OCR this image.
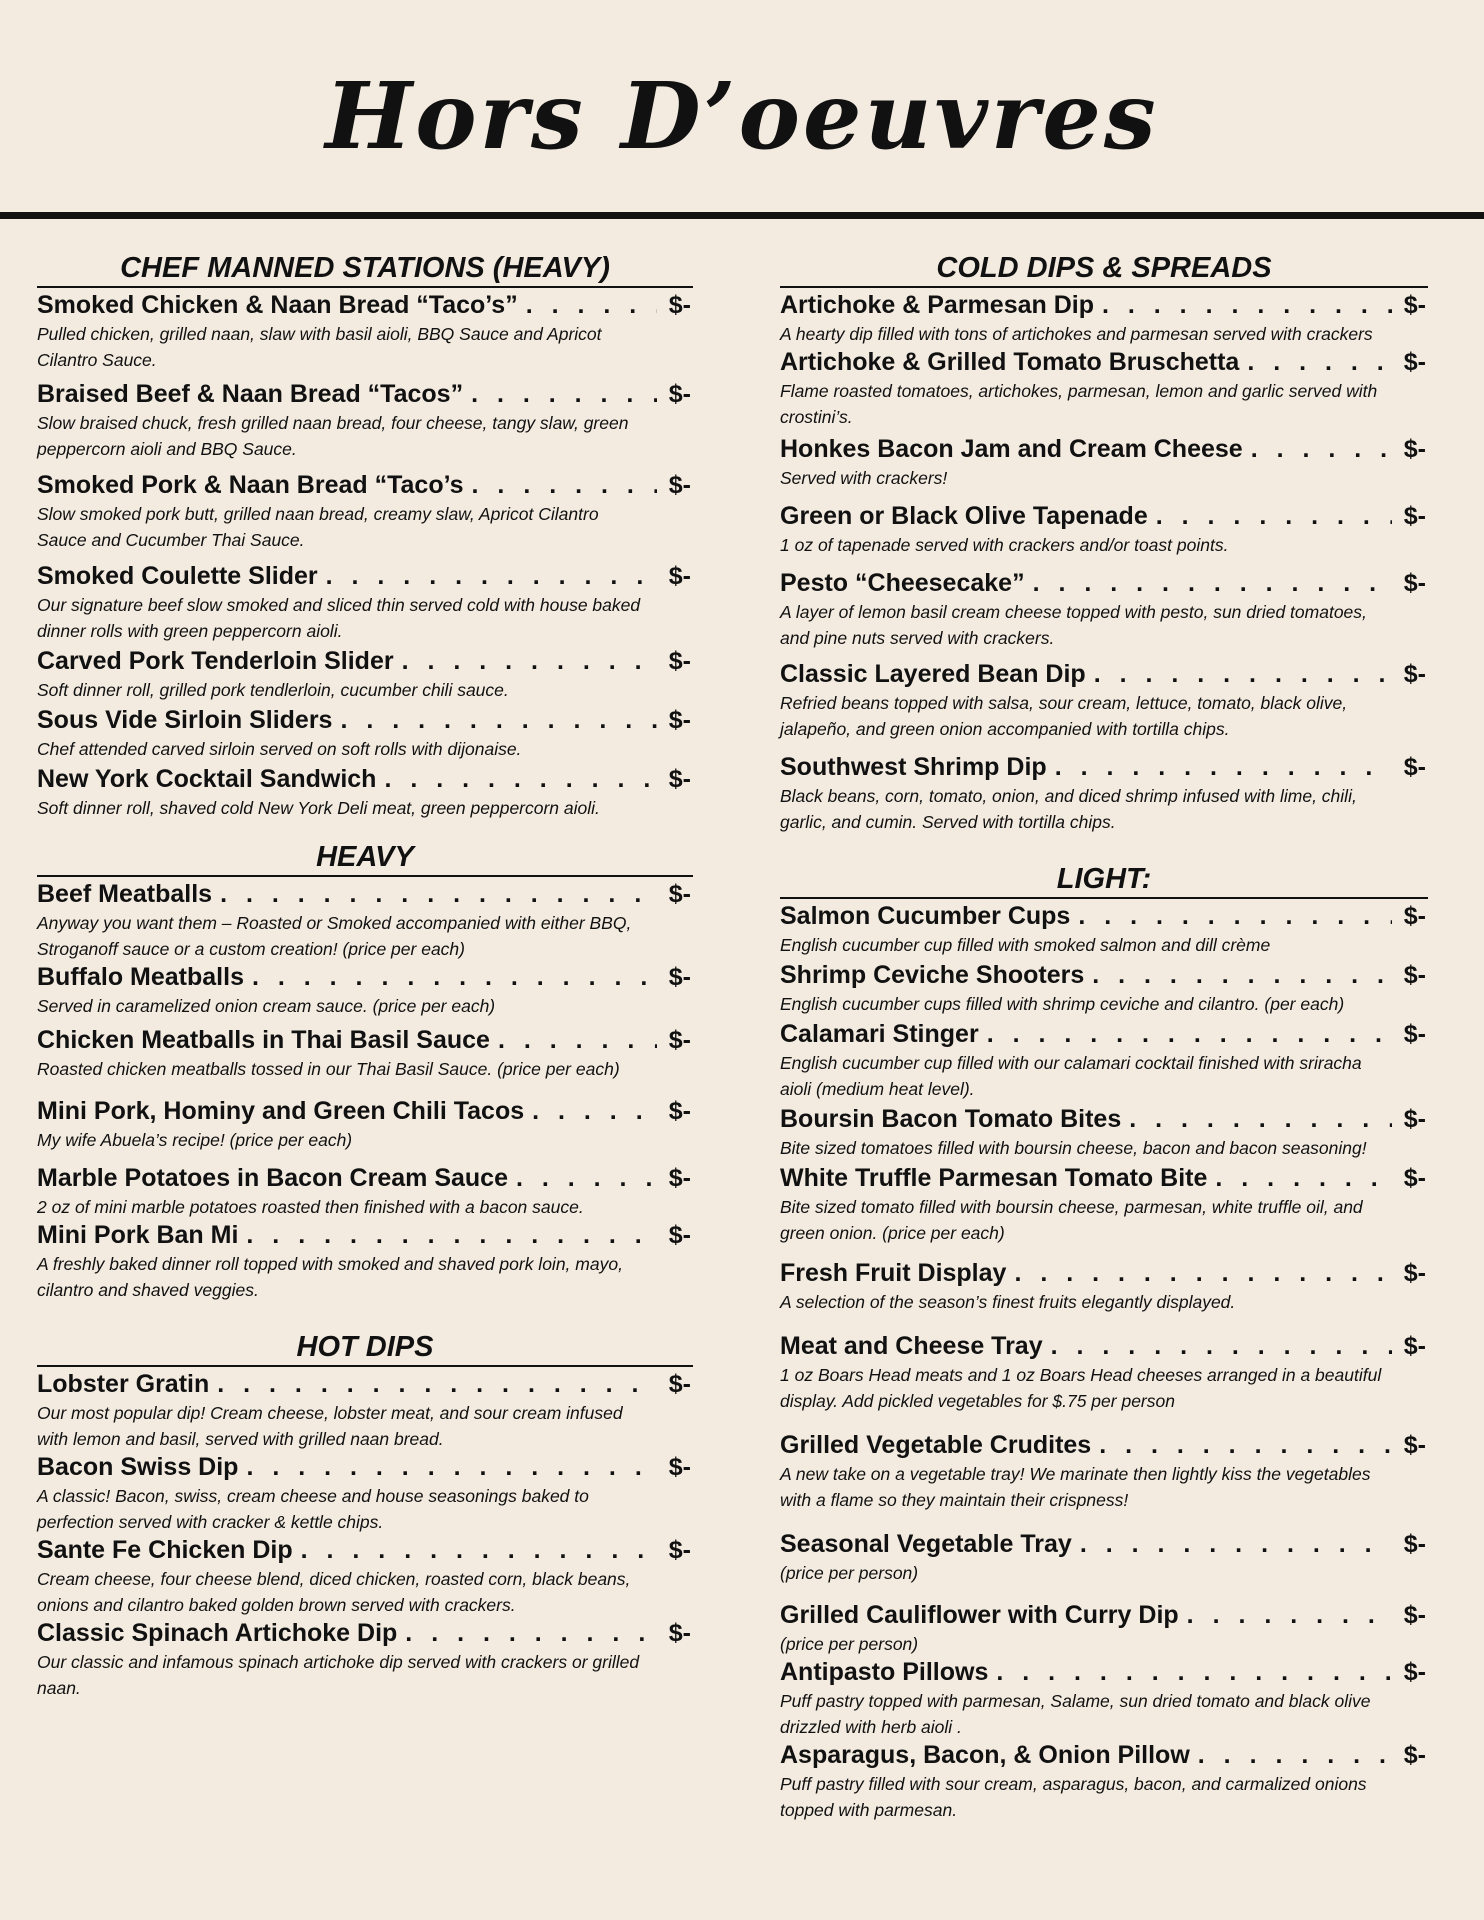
Hors D’oeuvres
CHEF MANNED STATIONS (HEAVY)
Smoked Chicken & Naan Bread “Taco’s” . . .	$-
Pulled chicken, grilled naan, slaw with basil aioli, BBQ Sauce and Apricot Cilantro Sauce.
Braised Beef & Naan Bread “Tacos” . . .	$-
Slow braised chuck, fresh grilled naan bread, four cheese, tangy slaw, green peppercorn aioli and BBQ Sauce.
Smoked Pork & Naan Bread “Taco’s . . .	$-
Slow smoked pork butt, grilled naan bread, creamy slaw, Apricot Cilantro Sauce and Cucumber Thai Sauce.
Smoked Coulette Slider . . .	$-
Our signature beef slow smoked and sliced thin served cold with house baked dinner rolls with green peppercorn aioli.
Carved Pork Tenderloin Slider . . .	$-
Soft dinner roll, grilled pork tendlerloin, cucumber chili sauce.
Sous Vide Sirloin Sliders . . .	$-
Chef attended carved sirloin served on soft rolls with dijonaise.
New York Cocktail Sandwich . . .	$-
Soft dinner roll, shaved cold New York Deli meat, green peppercorn aioli.
HEAVY
Beef Meatballs . . .	$-
Anyway you want them – Roasted or Smoked accompanied with either BBQ, Stroganoff sauce or a custom creation! (price per each)
Buffalo Meatballs . . .	$-
Served in caramelized onion cream sauce. (price per each)
Chicken Meatballs in Thai Basil Sauce . . .	$-
Roasted chicken meatballs tossed in our Thai Basil Sauce. (price per each)
Mini Pork, Hominy and Green Chili Tacos . . .	$-
My wife Abuela’s recipe! (price per each)
Marble Potatoes in Bacon Cream Sauce . . .	$-
2 oz of mini marble potatoes roasted then finished with a bacon sauce.
Mini Pork Ban Mi . . .	$-
A freshly baked dinner roll topped with smoked and shaved pork loin, mayo, cilantro and shaved veggies.
HOT DIPS
Lobster Gratin . . .	$-
Our most popular dip! Cream cheese, lobster meat, and sour cream infused with lemon and basil, served with grilled naan bread.
Bacon Swiss Dip . . .	$-
A classic! Bacon, swiss, cream cheese and house seasonings baked to perfection served with cracker & kettle chips.
Sante Fe Chicken Dip . . .	$-
Cream cheese, four cheese blend, diced chicken, roasted corn, black beans, onions and cilantro baked golden brown served with crackers.
Classic Spinach Artichoke Dip . . .	$-
Our classic and infamous spinach artichoke dip served with crackers or grilled naan.
COLD DIPS & SPREADS
Artichoke & Parmesan Dip . . .	$-
A hearty dip filled with tons of artichokes and parmesan served with crackers
Artichoke & Grilled Tomato Bruschetta . . .	$-
Flame roasted tomatoes, artichokes, parmesan, lemon and garlic served with crostini’s.
Honkes Bacon Jam and Cream Cheese . . .	$-
Served with crackers!
Green or Black Olive Tapenade . . .	$-
1 oz of tapenade served with crackers and/or toast points.
Pesto “Cheesecake” . . .	$-
A layer of lemon basil cream cheese topped with pesto, sun dried tomatoes, and pine nuts served with crackers.
Classic Layered Bean Dip . . .	$-
Refried beans topped with salsa, sour cream, lettuce, tomato, black olive, jalapeño, and green onion accompanied with tortilla chips.
Southwest Shrimp Dip . . .	$-
Black beans, corn, tomato, onion, and diced shrimp infused with lime, chili, garlic, and cumin. Served with tortilla chips.
LIGHT:
Salmon Cucumber Cups . . .	$-
English cucumber cup filled with smoked salmon and dill crème
Shrimp Ceviche Shooters . . .	$-
English cucumber cups filled with shrimp ceviche and cilantro. (per each)
Calamari Stinger . . .	$-
English cucumber cup filled with our calamari cocktail finished with sriracha aioli (medium heat level).
Boursin Bacon Tomato Bites . . .	$-
Bite sized tomatoes filled with boursin cheese, bacon and bacon seasoning!
White Truffle Parmesan Tomato Bite . . .	$-
Bite sized tomato filled with boursin cheese, parmesan, white truffle oil, and green onion. (price per each)
Fresh Fruit Display . . .	$-
A selection of the season’s finest fruits elegantly displayed.
Meat and Cheese Tray . . .	$-
1 oz Boars Head meats and 1 oz Boars Head cheeses arranged in a beautiful display. Add pickled vegetables for $.75 per person
Grilled Vegetable Crudites . . .	$-
A new take on a vegetable tray! We marinate then lightly kiss the vegetables with a flame so they maintain their crispness!
Seasonal Vegetable Tray . . .	$-
(price per person)
Grilled Cauliflower with Curry Dip . . .	$-
(price per person)
Antipasto Pillows . . .	$-
Puff pastry topped with parmesan, Salame, sun dried tomato and black olive drizzled with herb aioli .
Asparagus, Bacon, & Onion Pillow . . .	$-
Puff pastry filled with sour cream, asparagus, bacon, and carmalized onions topped with parmesan.
